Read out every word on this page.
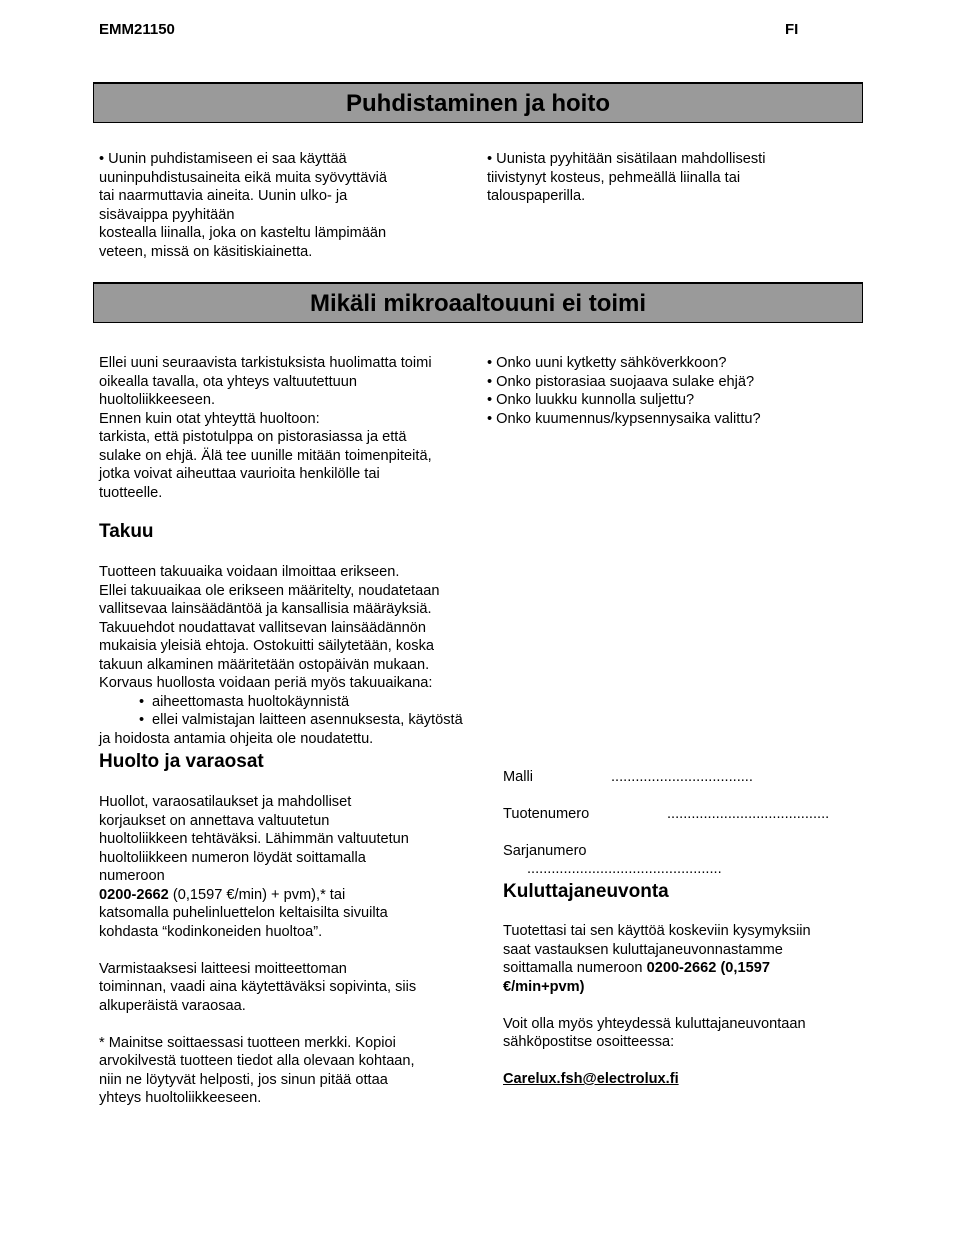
EMM21150	FI
Puhdistaminen ja hoito

• Uunin puhdistamiseen ei saa käyttää

uuninpuhdistusaineita eikä muita syövyttäviä

tai naarmuttavia aineita. Uunin ulko- ja

sisävaippa pyyhitään

kostealla liinalla, joka on kasteltu lämpimään

veteen, missä on käsitiskiainetta.

• Uunista pyyhitään sisätilaan mahdollisesti

tiivistynyt kosteus, pehmeällä liinalla tai

talouspaperilla.

Mikäli mikroaaltouuni ei toimi

Ellei uuni seuraavista tarkistuksista huolimatta toimi

oikealla tavalla, ota yhteys valtuutettuun

huoltoliikkeeseen.

Ennen kuin otat yhteyttä huoltoon:

tarkista, että pistotulppa on pistorasiassa ja että

sulake on ehjä. Älä tee uunille mitään toimenpiteitä,

jotka voivat aiheuttaa vaurioita henkilölle tai

tuotteelle.

• Onko uuni kytketty sähköverkkoon?

• Onko pistorasiaa suojaava sulake ehjä?

• Onko luukku kunnolla suljettu?

• Onko kuumennus/kypsennysaika valittu?

Takuu

Tuotteen takuuaika voidaan ilmoittaa erikseen.

Ellei takuuaikaa ole erikseen määritelty, noudatetaan

vallitsevaa lainsäädäntöä ja kansallisia määräyksiä.

Takuuehdot noudattavat vallitsevan lainsäädännön

mukaisia yleisiä ehtoja. Ostokuitti säilytetään, koska

takuun alkaminen määritetään ostopäivän mukaan.

Korvaus huollosta voidaan periä myös takuuaikana:

• aiheettomasta huoltokäynnistä
• ellei valmistajan laitteen asennuksesta, käytöstä

ja hoidosta antamia ohjeita ole noudatettu.

Huolto ja varaosat

Huollot, varaosatilaukset ja mahdolliset

korjaukset on annettava valtuutetun

huoltoliikkeen tehtäväksi. Lähimmän valtuutetun

huoltoliikkeen numeron löydät soittamalla

numeroon

0200-2662 (0,1597 €/min) + pvm),* tai

katsomalla puhelinluettelon keltaisilta sivuilta

kohdasta “kodinkoneiden huoltoa”.

Varmistaaksesi laitteesi moitteettoman

toiminnan, vaadi aina käytettäväksi sopivinta, siis

alkuperäistä varaosaa.

* Mainitse soittaessasi tuotteen merkki. Kopioi

arvokilvestä tuotteen tiedot alla olevaan kohtaan,

niin ne löytyvät helposti, jos sinun pitää ottaa

yhteys huoltoliikkeeseen.

Malli	...................................
Tuotenumero	........................................
Sarjanumero
................................................
Kuluttajaneuvonta

Tuotettasi tai sen käyttöä koskeviin kysymyksiin

saat vastauksen kuluttajaneuvonnastamme

soittamalla numeroon 0200-2662 (0,1597

€/min+pvm)

Voit olla myös yhteydessä kuluttajaneuvontaan

sähköpostitse osoitteessa:

Carelux.fsh@electrolux.fi
